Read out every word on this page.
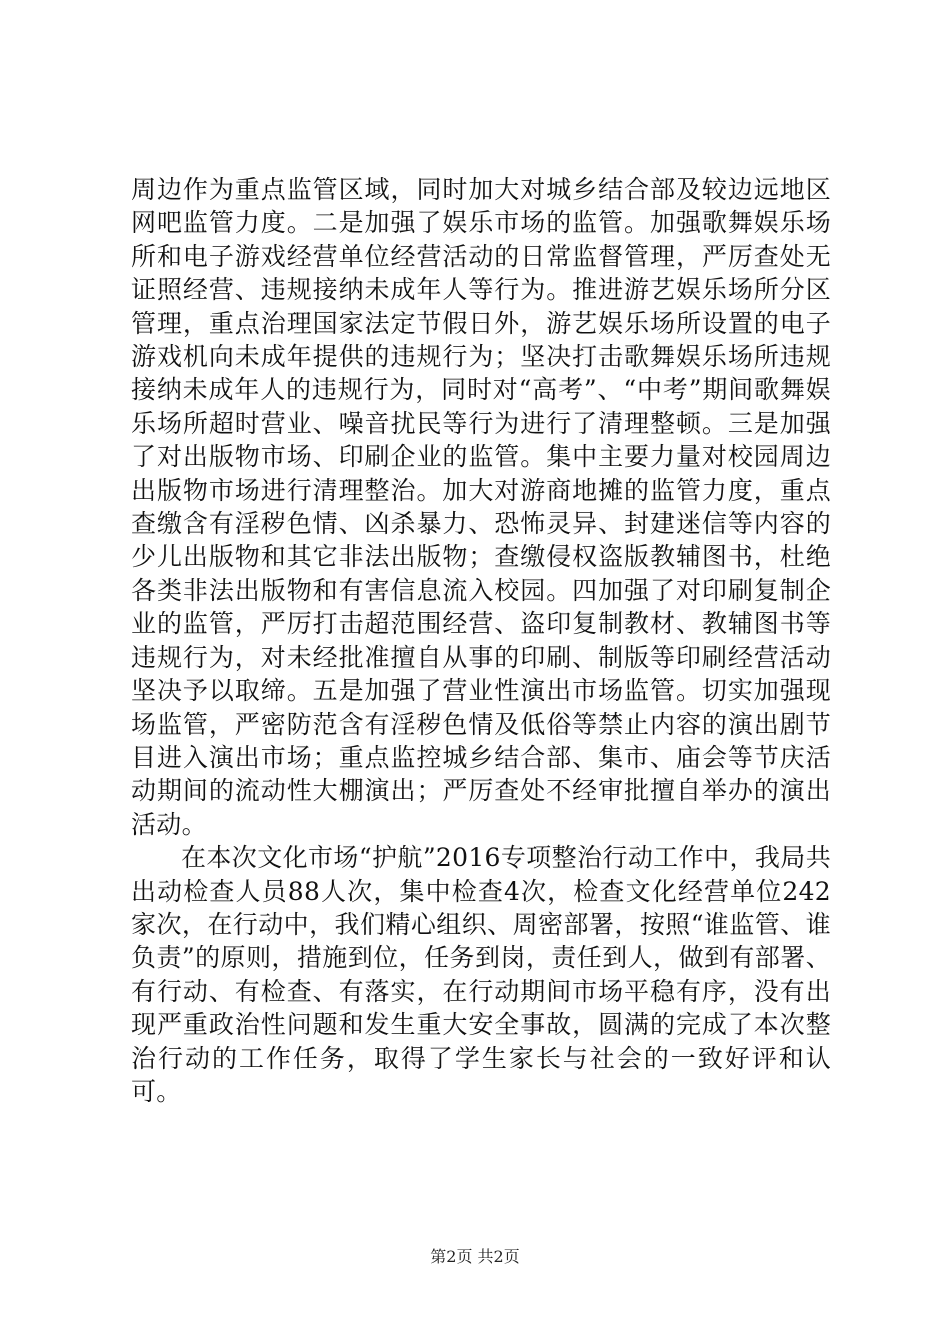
周边作为重点监管区域，同时加大对城乡结合部及较边远地区网吧监管力度。二是加强了娱乐市场的监管。加强歌舞娱乐场所和电子游戏经营单位经营活动的日常监督管理，严厉查处无证照经营、违规接纳未成年人等行为。推进游艺娱乐场所分区管理，重点治理国家法定节假日外，游艺娱乐场所设置的电子游戏机向未成年提供的违规行为；坚决打击歌舞娱乐场所违规接纳未成年人的违规行为，同时对“高考”、“中考”期间歌舞娱乐场所超时营业、噪音扰民等行为进行了清理整顿。三是加强了对出版物市场、印刷企业的监管。集中主要力量对校园周边出版物市场进行清理整治。加大对游商地摊的监管力度，重点查缴含有淫秽色情、凶杀暴力、恐怖灵异、封建迷信等内容的少儿出版物和其它非法出版物；查缴侵权盗版教辅图书，杜绝各类非法出版物和有害信息流入校园。四加强了对印刷复制企业的监管，严厉打击超范围经营、盗印复制教材、教辅图书等违规行为，对未经批准擅自从事的印刷、制版等印刷经营活动坚决予以取缔。五是加强了营业性演出市场监管。切实加强现场监管，严密防范含有淫秽色情及低俗等禁止内容的演出剧节目进入演出市场；重点监控城乡结合部、集市、庙会等节庆活动期间的流动性大棚演出；严厉查处不经审批擅自举办的演出活动。

在本次文化市场“护航”2016专项整治行动工作中，我局共出动检查人员88人次，集中检查4次，检查文化经营单位242家次，在行动中，我们精心组织、周密部署，按照“谁监管、谁负责”的原则，措施到位，任务到岗，责任到人，做到有部署、有行动、有检查、有落实，在行动期间市场平稳有序，没有出现严重政治性问题和发生重大安全事故，圆满的完成了本次整治行动的工作任务，取得了学生家长与社会的一致好评和认可。

第2页 共2页
